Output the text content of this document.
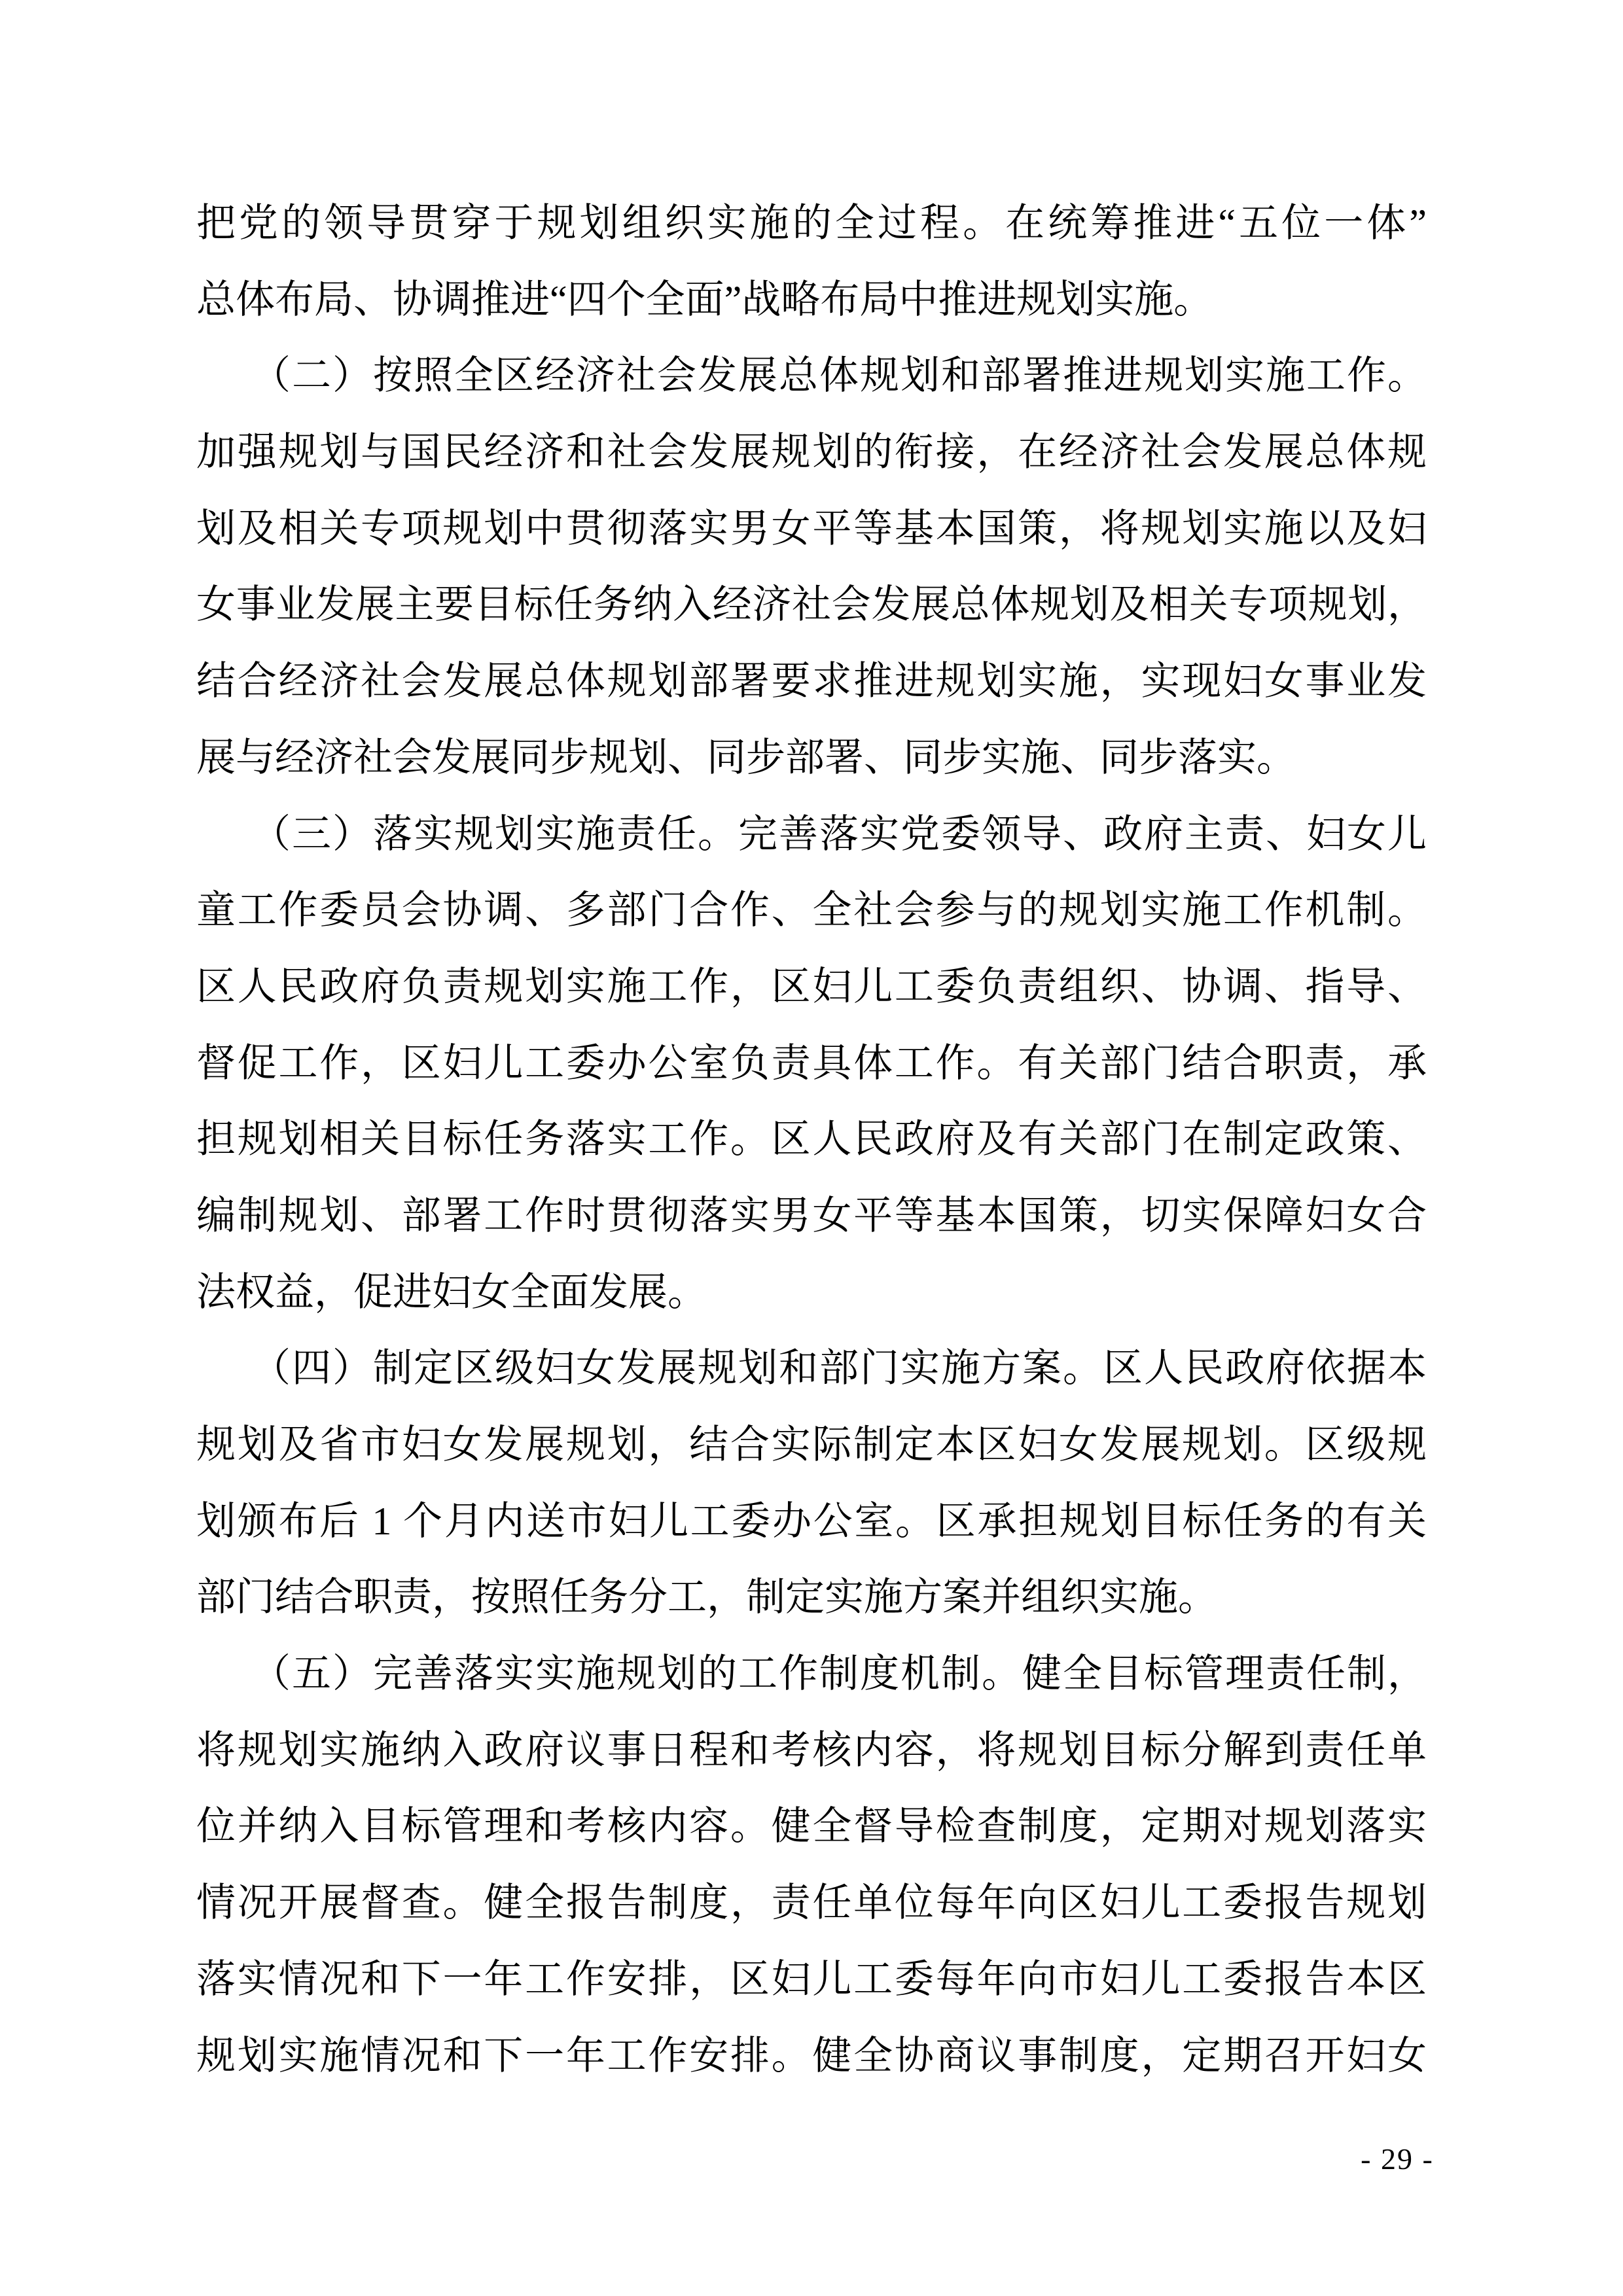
把党的领导贯穿于规划组织实施的全过程。在统筹推进“五位一体”
总体布局、协调推进“四个全面”战略布局中推进规划实施。
（二）按照全区经济社会发展总体规划和部署推进规划实施工作。
加强规划与国民经济和社会发展规划的衔接，在经济社会发展总体规
划及相关专项规划中贯彻落实男女平等基本国策，将规划实施以及妇
女事业发展主要目标任务纳入经济社会发展总体规划及相关专项规划，
结合经济社会发展总体规划部署要求推进规划实施，实现妇女事业发
展与经济社会发展同步规划、同步部署、同步实施、同步落实。
（三）落实规划实施责任。完善落实党委领导、政府主责、妇女儿
童工作委员会协调、多部门合作、全社会参与的规划实施工作机制。
区人民政府负责规划实施工作，区妇儿工委负责组织、协调、指导、
督促工作，区妇儿工委办公室负责具体工作。有关部门结合职责，承
担规划相关目标任务落实工作。区人民政府及有关部门在制定政策、
编制规划、部署工作时贯彻落实男女平等基本国策，切实保障妇女合
法权益，促进妇女全面发展。
（四）制定区级妇女发展规划和部门实施方案。区人民政府依据本
规划及省市妇女发展规划，结合实际制定本区妇女发展规划。区级规
划颁布后 1 个月内送市妇儿工委办公室。区承担规划目标任务的有关
部门结合职责，按照任务分工，制定实施方案并组织实施。
（五）完善落实实施规划的工作制度机制。健全目标管理责任制，
将规划实施纳入政府议事日程和考核内容，将规划目标分解到责任单
位并纳入目标管理和考核内容。健全督导检查制度，定期对规划落实
情况开展督查。健全报告制度，责任单位每年向区妇儿工委报告规划
落实情况和下一年工作安排，区妇儿工委每年向市妇儿工委报告本区
规划实施情况和下一年工作安排。健全协商议事制度，定期召开妇女
- 29 -
